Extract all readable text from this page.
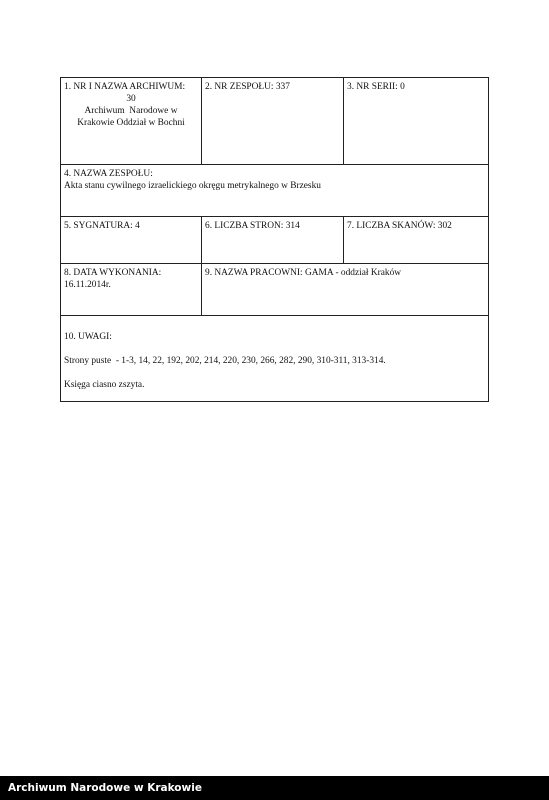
1. NR I NAZWA ARCHIWUM:
30
Archiwum  Narodowe w
Krakowie Oddział w Bochni	2. NR ZESPOŁU: 337	3. NR SERII: 0

4. NAZWA ZESPOŁU:
Akta stanu cywilnego izraelickiego okręgu metrykalnego w Brzesku		

5. SYGNATURA: 4	6. LICZBA STRON: 314	7. LICZBA SKANÓW: 302

8. DATA WYKONANIA:
16.11.2014r.	9. NAZWA PRACOWNI: GAMA - oddział Kraków	

10. UWAGI:

Strony puste  - 1-3, 14, 22, 192, 202, 214, 220, 230, 266, 282, 290, 310-311, 313-314.

Księga ciasno zszyta.		

Archiwum Narodowe w Krakowie
